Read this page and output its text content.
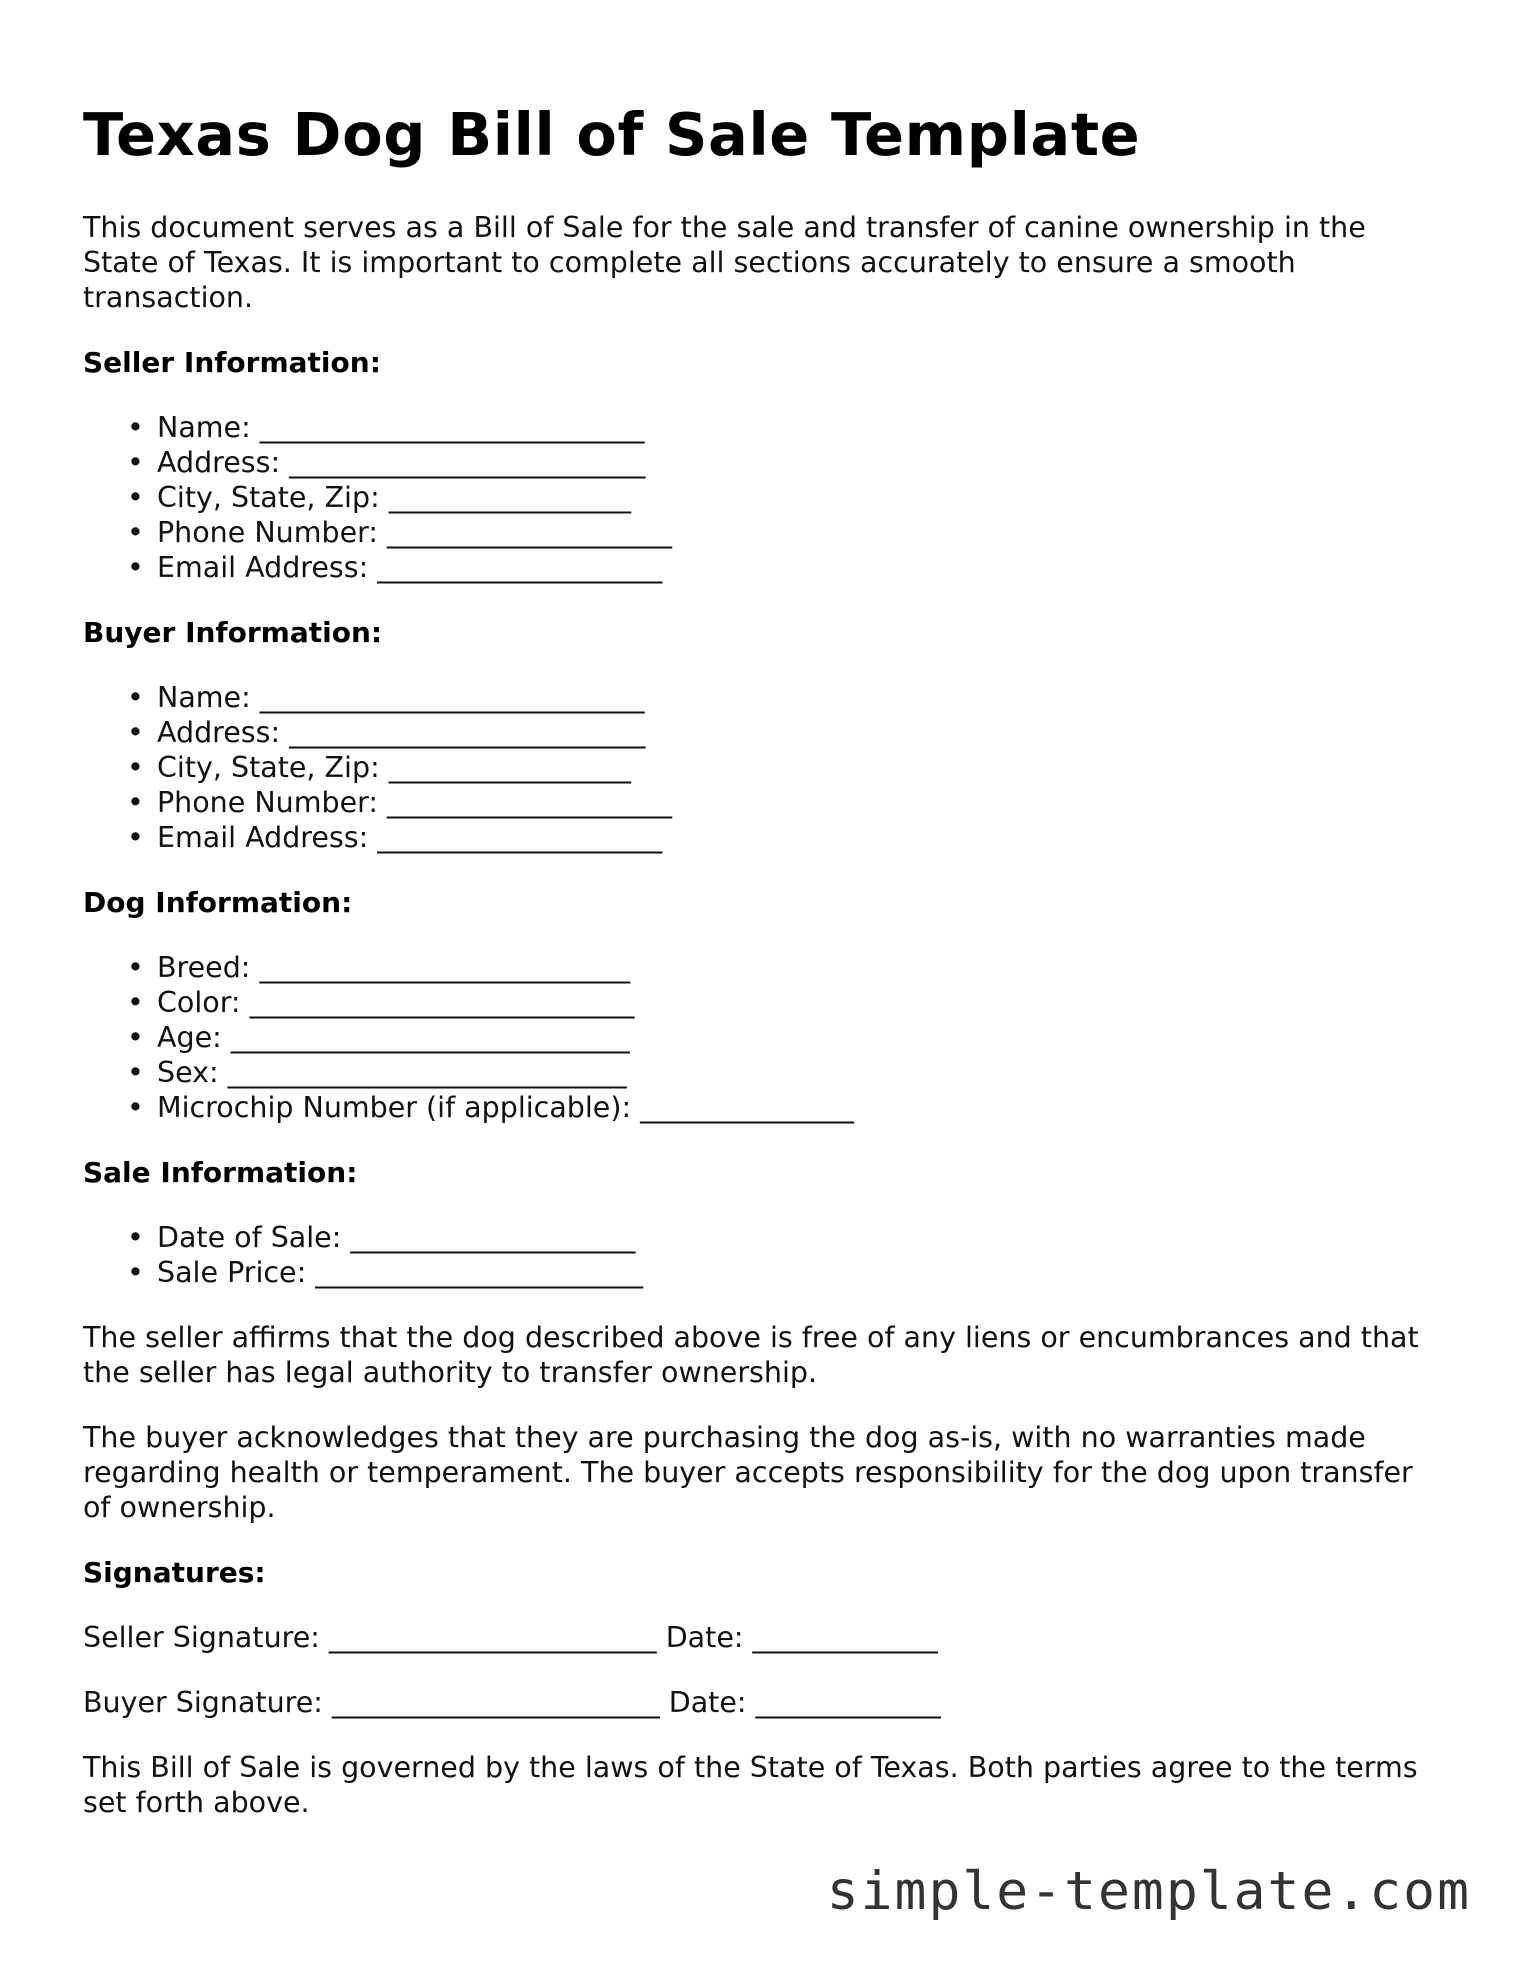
Texas Dog Bill of Sale Template

This document serves as a Bill of Sale for the sale and transfer of canine ownership in the State of Texas. It is important to complete all sections accurately to ensure a smooth transaction.

Seller Information:
• Name: ___________________________
• Address: _________________________
• City, State, Zip: _________________
• Phone Number: ____________________
• Email Address: ____________________
Buyer Information:
• Name: ___________________________
• Address: _________________________
• City, State, Zip: _________________
• Phone Number: ____________________
• Email Address: ____________________
Dog Information:
• Breed: __________________________
• Color: ___________________________
• Age: ____________________________
• Sex: ____________________________
• Microchip Number (if applicable): _______________
Sale Information:
• Date of Sale: ____________________
• Sale Price: _______________________

The seller affirms that the dog described above is free of any liens or encumbrances and that the seller has legal authority to transfer ownership.

The buyer acknowledges that they are purchasing the dog as-is, with no warranties made regarding health or temperament. The buyer accepts responsibility for the dog upon transfer of ownership.

Signatures:

Seller Signature: _______________________ Date: _____________

Buyer Signature: _______________________ Date: _____________

This Bill of Sale is governed by the laws of the State of Texas. Both parties agree to the terms set forth above.

simple-template.com
